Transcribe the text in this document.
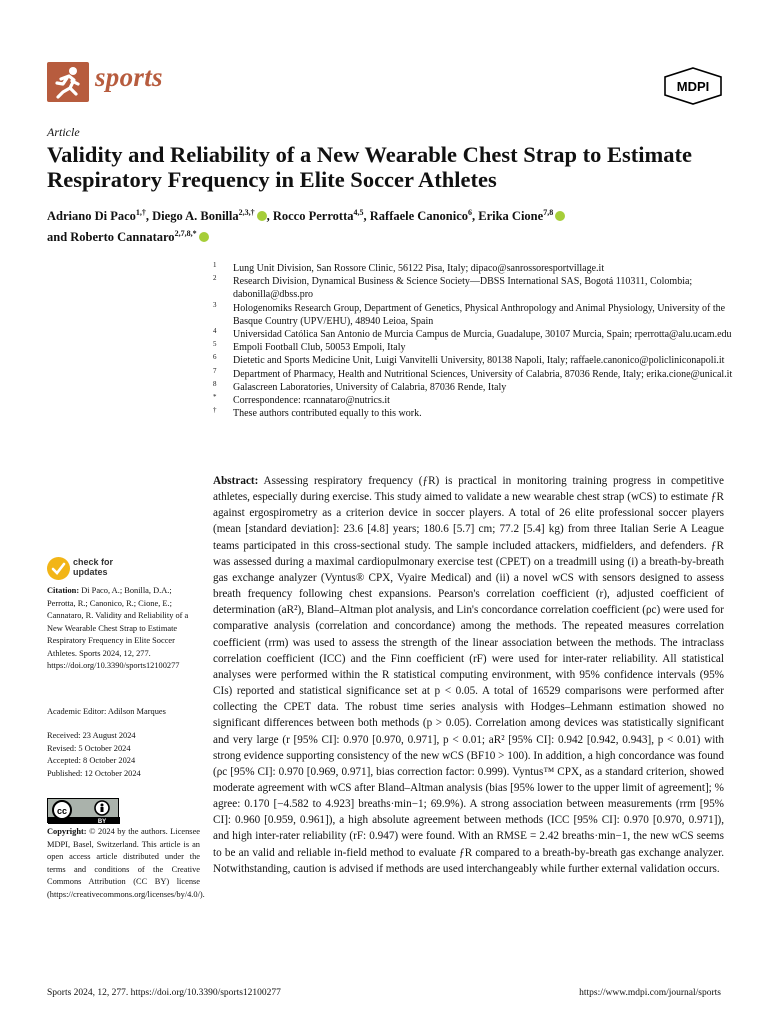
sports	MDPI
Article
Validity and Reliability of a New Wearable Chest Strap to Estimate Respiratory Frequency in Elite Soccer Athletes
Adriano Di Paco$^{1,\dagger}$, Diego A. Bonilla$^{2,3,\dagger}$ , Rocco Perrotta$^{4,5}$, Raffaele Canonico$^6$, Erika Cione$^{7,8}$
and Roberto Cannataro$^{2,7,8,*}$
1 Lung Unit Division, San Rossore Clinic, 56122 Pisa, Italy; dipaco@sanrossoresportvillage.it
2 Research Division, Dynamical Business & Science Society—DBSS International SAS, Bogotá 110311, Colombia; dabonilla@dbss.pro
3 Hologenomiks Research Group, Department of Genetics, Physical Anthropology and Animal Physiology, University of the Basque Country (UPV/EHU), 48940 Leioa, Spain
4 Universidad Católica San Antonio de Murcia Campus de Murcia, Guadalupe, 30107 Murcia, Spain; rperrotta@alu.ucam.edu
5 Empoli Football Club, 50053 Empoli, Italy
6 Dietetic and Sports Medicine Unit, Luigi Vanvitelli University, 80138 Napoli, Italy; raffaele.canonico@policliniconapoli.it
7 Department of Pharmacy, Health and Nutritional Sciences, University of Calabria, 87036 Rende, Italy; erika.cione@unical.it
8 Galascreen Laboratories, University of Calabria, 87036 Rende, Italy
* Correspondence: rcannataro@nutrics.it
† These authors contributed equally to this work.
check for
updates
Citation: Di Paco, A.; Bonilla, D.A.; Perrotta, R.; Canonico, R.; Cione, E.; Cannataro, R. Validity and Reliability of a New Wearable Chest Strap to Estimate Respiratory Frequency in Elite Soccer Athletes. Sports 2024, 12, 277. https://doi.org/10.3390/sports12100277
Academic Editor: Adilson Marques
Received: 23 August 2024
Revised: 5 October 2024
Accepted: 8 October 2024
Published: 12 October 2024
cc
BY
Copyright: © 2024 by the authors. Licensee MDPI, Basel, Switzerland. This article is an open access article distributed under the terms and conditions of the Creative Commons Attribution (CC BY) license (https://creativecommons.org/licenses/by/4.0/).
Abstract: Assessing respiratory frequency (ƒR) is practical in monitoring training progress in competitive athletes, especially during exercise. This study aimed to validate a new wearable chest strap (wCS) to estimate ƒR against ergospirometry as a criterion device in soccer players. A total of 26 elite professional soccer players (mean [standard deviation]: 23.6 [4.8] years; 180.6 [5.7] cm; 77.2 [5.4] kg) from three Italian Serie A League teams participated in this cross-sectional study. The sample included attackers, midfielders, and defenders. ƒR was assessed during a maximal cardiopulmonary exercise test (CPET) on a treadmill using (i) a breath-by-breath gas exchange analyzer (Vyntus® CPX, Vyaire Medical) and (ii) a novel wCS with sensors designed to assess breath frequency following chest expansions. Pearson's correlation coefficient (r), adjusted coefficient of determination (aR²), Bland–Altman plot analysis, and Lin's concordance correlation coefficient (ρc) were used for comparative analysis (correlation and concordance) among the methods. The repeated measures correlation coefficient (rrm) was used to assess the strength of the linear association between the methods. The intraclass correlation coefficient (ICC) and the Finn coefficient (rF) were used for inter-rater reliability. All statistical analyses were performed within the R statistical computing environment, with 95% confidence intervals (95% CIs) reported and statistical significance set at p < 0.05. A total of 16529 comparisons were performed after collecting the CPET data. The robust time series analysis with Hodges–Lehmann estimation showed no significant differences between both methods (p > 0.05). Correlation among devices was statistically significant and very large (r [95% CI]: 0.970 [0.970, 0.971], p < 0.01; aR² [95% CI]: 0.942 [0.942, 0.943], p < 0.01) with strong evidence supporting consistency of the new wCS (BF10 > 100). In addition, a high concordance was found (ρc [95% CI]: 0.970 [0.969, 0.971], bias correction factor: 0.999). Vyntus™ CPX, as a standard criterion, showed moderate agreement with wCS after Bland–Altman analysis (bias [95% lower to the upper limit of agreement]; % agree: 0.170 [−4.582 to 4.923] breaths·min−1; 69.9%). A strong association between measurements (rrm [95% CI]: 0.960 [0.959, 0.961]), a high absolute agreement between methods (ICC [95% CI]: 0.970 [0.970, 0.971]), and high inter-rater reliability (rF: 0.947) were found. With an RMSE = 2.42 breaths·min−1, the new wCS seems to be an valid and reliable in-field method to evaluate ƒR compared to a breath-by-breath gas exchange analyzer. Notwithstanding, caution is advised if methods are used interchangeably while further external validation occurs.
Sports 2024, 12, 277. https://doi.org/10.3390/sports12100277	https://www.mdpi.com/journal/sports
